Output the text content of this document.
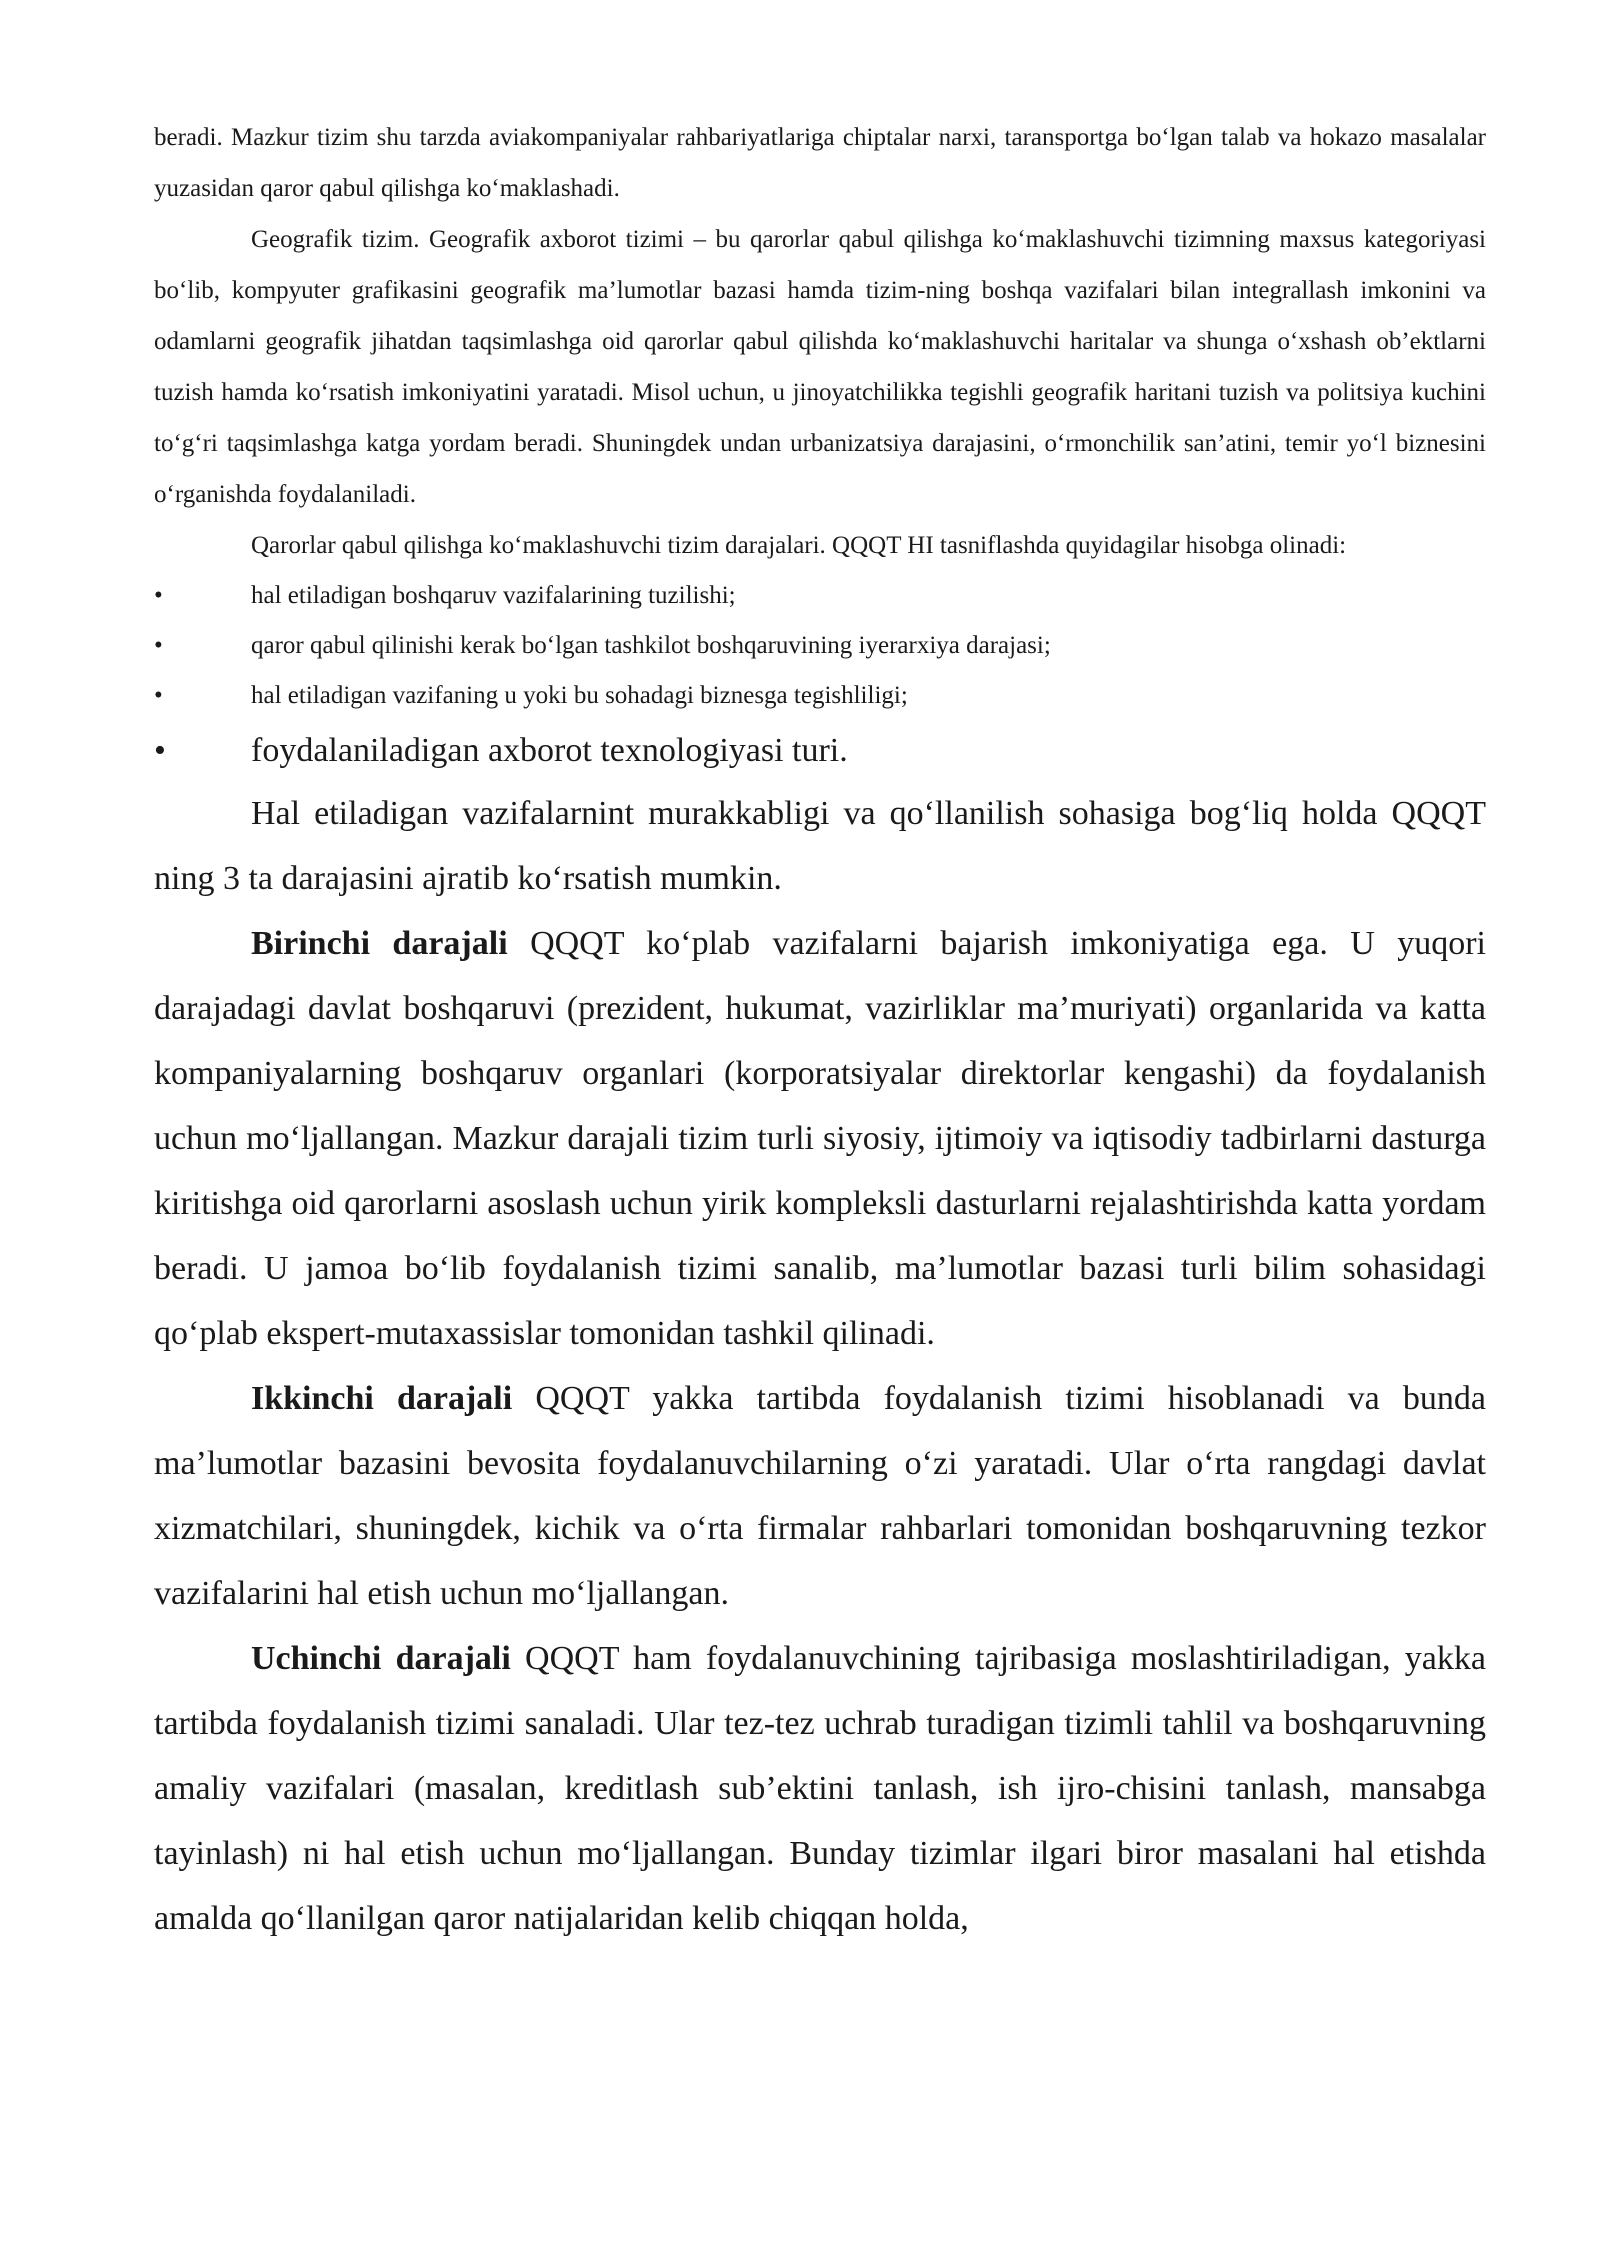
beradi. Mazkur tizim shu tarzda aviakompaniyalar rahbariyatlariga chiptalar narxi, taransportga bo‘lgan talab va hokazo masalalar yuzasidan qaror qabul qilishga ko‘maklashadi.

Geografik tizim. Geografik axborot tizimi – bu qarorlar qabul qilishga ko‘maklashuvchi tizimning maxsus kategoriyasi bo‘lib, kompyuter grafikasini geografik ma’lumotlar bazasi hamda tizim-ning boshqa vazifalari bilan integrallash imkonini va odamlarni geografik jihatdan taqsimlashga oid qarorlar qabul qilishda ko‘maklashuvchi haritalar va shunga o‘xshash ob’ektlarni tuzish hamda ko‘rsatish imkoniyatini yaratadi. Misol uchun, u jinoyatchilikka tegishli geografik haritani tuzish va politsiya kuchini to‘g‘ri taqsimlashga katga yordam beradi. Shuningdek undan urbanizatsiya darajasini, o‘rmonchilik san’atini, temir yo‘l biznesini o‘rganishda foydalaniladi.

Qarorlar qabul qilishga ko‘maklashuvchi tizim darajalari. QQQT HI tasniflashda quyidagilar hisobga olinadi:

•	hal etiladigan boshqaruv vazifalarining tuzilishi;
•	qaror qabul qilinishi kerak bo‘lgan tashkilot boshqaruvining iyerarxiya darajasi;
•	hal etiladigan vazifaning u yoki bu sohadagi biznesga tegishliligi;
•	foydalaniladigan axborot texnologiyasi turi.

Hal etiladigan vazifalarnint murakkabligi va qo‘llanilish sohasiga bog‘liq holda QQQT ning 3 ta darajasini ajratib ko‘rsatish mumkin.

Birinchi darajali QQQT ko‘plab vazifalarni bajarish imkoniyatiga ega. U yuqori darajadagi davlat boshqaruvi (prezident, hukumat, vazirliklar ma’muriyati) organlarida va katta kompaniyalarning boshqaruv organlari (korporatsiyalar direktorlar kengashi) da foydalanish uchun mo‘ljallangan. Mazkur darajali tizim turli siyosiy, ijtimoiy va iqtisodiy tadbirlarni dasturga kiritishga oid qarorlarni asoslash uchun yirik kompleksli dasturlarni rejalashtirishda katta yordam beradi. U jamoa bo‘lib foydalanish tizimi sanalib, ma’lumotlar bazasi turli bilim sohasidagi qo‘plab ekspert-mutaxassislar tomonidan tashkil qilinadi.

Ikkinchi darajali QQQT yakka tartibda foydalanish tizimi hisoblanadi va bunda ma’lumotlar bazasini bevosita foydalanuvchilarning o‘zi yaratadi. Ular o‘rta rangdagi davlat xizmatchilari, shuningdek, kichik va o‘rta firmalar rahbarlari tomonidan boshqaruvning tezkor vazifalarini hal etish uchun mo‘ljallangan.

Uchinchi darajali QQQT ham foydalanuvchining tajribasiga moslashtiriladigan, yakka tartibda foydalanish tizimi sanaladi. Ular tez-tez uchrab turadigan tizimli tahlil va boshqaruvning amaliy vazifalari (masalan, kreditlash sub’ektini tanlash, ish ijro-chisini tanlash, mansabga tayinlash) ni hal etish uchun mo‘ljallangan. Bunday tizimlar ilgari biror masalani hal etishda amalda qo‘llanilgan qaror natijalaridan kelib chiqqan holda,
